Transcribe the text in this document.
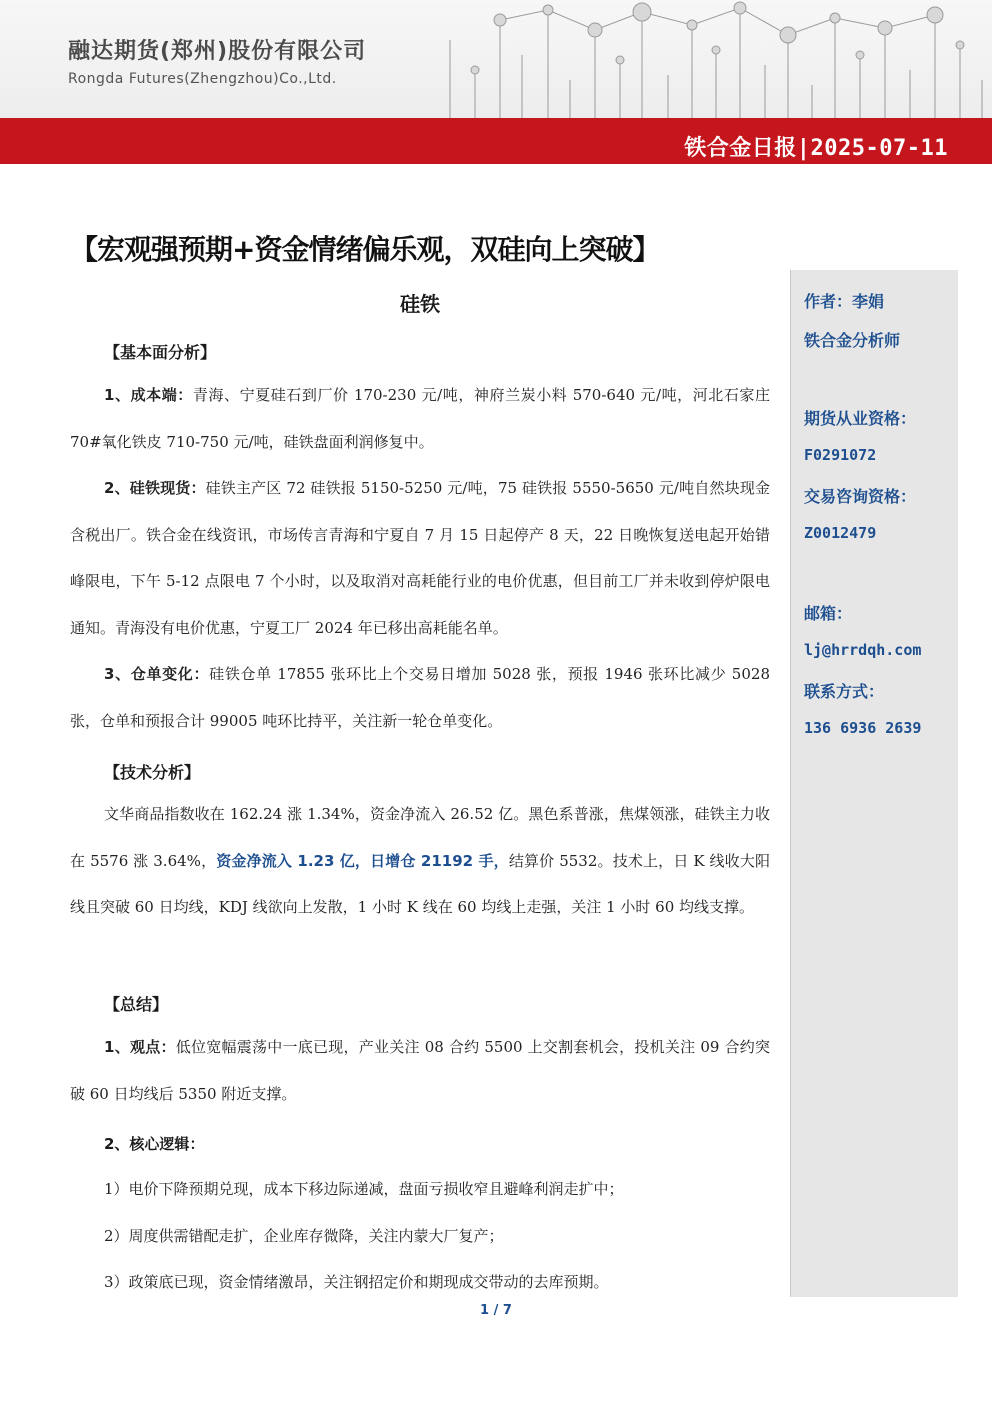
融达期货(郑州)股份有限公司
Rongda Futures(Zhengzhou)Co.,Ltd.
铁合金日报|2025-07-11
【宏观强预期+资金情绪偏乐观，双硅向上突破】
硅铁
【基本面分析】
1、成本端：青海、宁夏硅石到厂价 170-230 元/吨，神府兰炭小料 570-640 元/吨，河北石家庄 70#氧化铁皮 710-750 元/吨，硅铁盘面利润修复中。
2、硅铁现货：硅铁主产区 72 硅铁报 5150-5250 元/吨，75 硅铁报 5550-5650 元/吨自然块现金含税出厂。铁合金在线资讯，市场传言青海和宁夏自 7 月 15 日起停产 8 天，22 日晚恢复送电起开始错峰限电，下午 5-12 点限电 7 个小时，以及取消对高耗能行业的电价优惠，但目前工厂并未收到停炉限电通知。青海没有电价优惠，宁夏工厂 2024 年已移出高耗能名单。
3、仓单变化：硅铁仓单 17855 张环比上个交易日增加 5028 张，预报 1946 张环比减少 5028 张，仓单和预报合计 99005 吨环比持平，关注新一轮仓单变化。
【技术分析】
文华商品指数收在 162.24 涨 1.34%，资金净流入 26.52 亿。黑色系普涨，焦煤领涨，硅铁主力收在 5576 涨 3.64%，资金净流入 1.23 亿，日增仓 21192 手，结算价 5532。技术上，日 K 线收大阳线且突破 60 日均线，KDJ 线欲向上发散，1 小时 K 线在 60 均线上走强，关注 1 小时 60 均线支撑。
【总结】
1、观点：低位宽幅震荡中一底已现，产业关注 08 合约 5500 上交割套机会，投机关注 09 合约突破 60 日均线后 5350 附近支撑。
2、核心逻辑：
1）电价下降预期兑现，成本下移边际递减，盘面亏损收窄且避峰利润走扩中；
2）周度供需错配走扩，企业库存微降，关注内蒙大厂复产；
3）政策底已现，资金情绪激昂，关注钢招定价和期现成交带动的去库预期。
作者：李娟
铁合金分析师
期货从业资格：
F0291072
交易咨询资格：
Z0012479
邮箱：
lj@hrrdqh.com
联系方式：
136 6936 2639
1 / 7
